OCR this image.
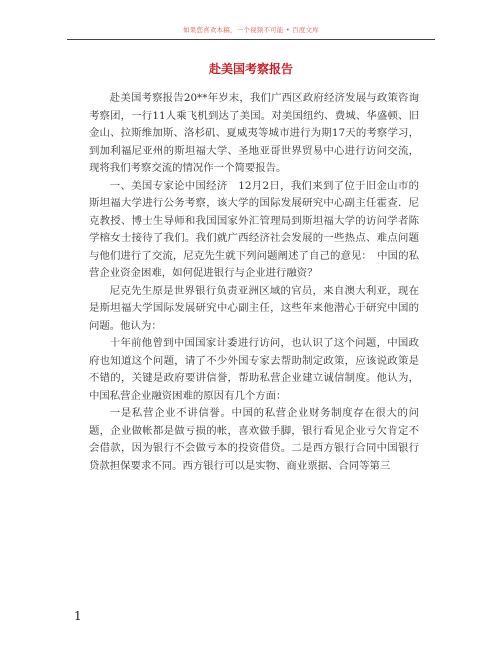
如果您喜欢本稿，一个视频不可能 • 百度文库
赴美国考察报告

赴美国考察报告20**年岁末，我们广西区政府经济发展与政策咨询考察团，一行11人乘飞机到达了美国。对美国纽约、费城、华盛顿、旧金山、拉斯维加斯、洛杉矶、夏威夷等城市进行为期17天的考察学习，到加利福尼亚州的斯坦福大学、圣地亚哥世界贸易中心进行访问交流，现将我们考察交流的情况作一个简要报告。

一、美国专家论中国经济　12月2日，我们来到了位于旧金山市的斯坦福大学进行公务考察，该大学的国际发展研究中心副主任霍查．尼克教授、博士生导师和我国国家外汇管理局到斯坦福大学的访问学者陈学榕女士接待了我们。我们就广西经济社会发展的一些热点、难点问题与他们进行了交流，尼克先生就下列问题阐述了自己的意见：　中国的私营企业资金困难，如何促进银行与企业进行融资？

尼克先生原是世界银行负责亚洲区域的官员，来自澳大利亚，现在是斯坦福大学国际发展研究中心副主任，这些年来他潜心于研究中国的问题。他认为：

十年前他曾到中国国家计委进行访问，也认识了这个问题，中国政府也知道这个问题，请了不少外国专家去帮助制定政策，应该说政策是不错的，关键是政府要讲信誉，帮助私营企业建立诚信制度。他认为，中国私营企业融资困难的原因有几个方面：

一是私营企业不讲信誉。中国的私营企业财务制度存在很大的问题，企业做帐都是做亏损的帐，喜欢做手脚，银行看见企业亏欠肯定不会借款，因为银行不会做亏本的投资借贷。二是西方银行合同中国银行贷款担保要求不同。西方银行可以是实物、商业票据、合同等第三

1
